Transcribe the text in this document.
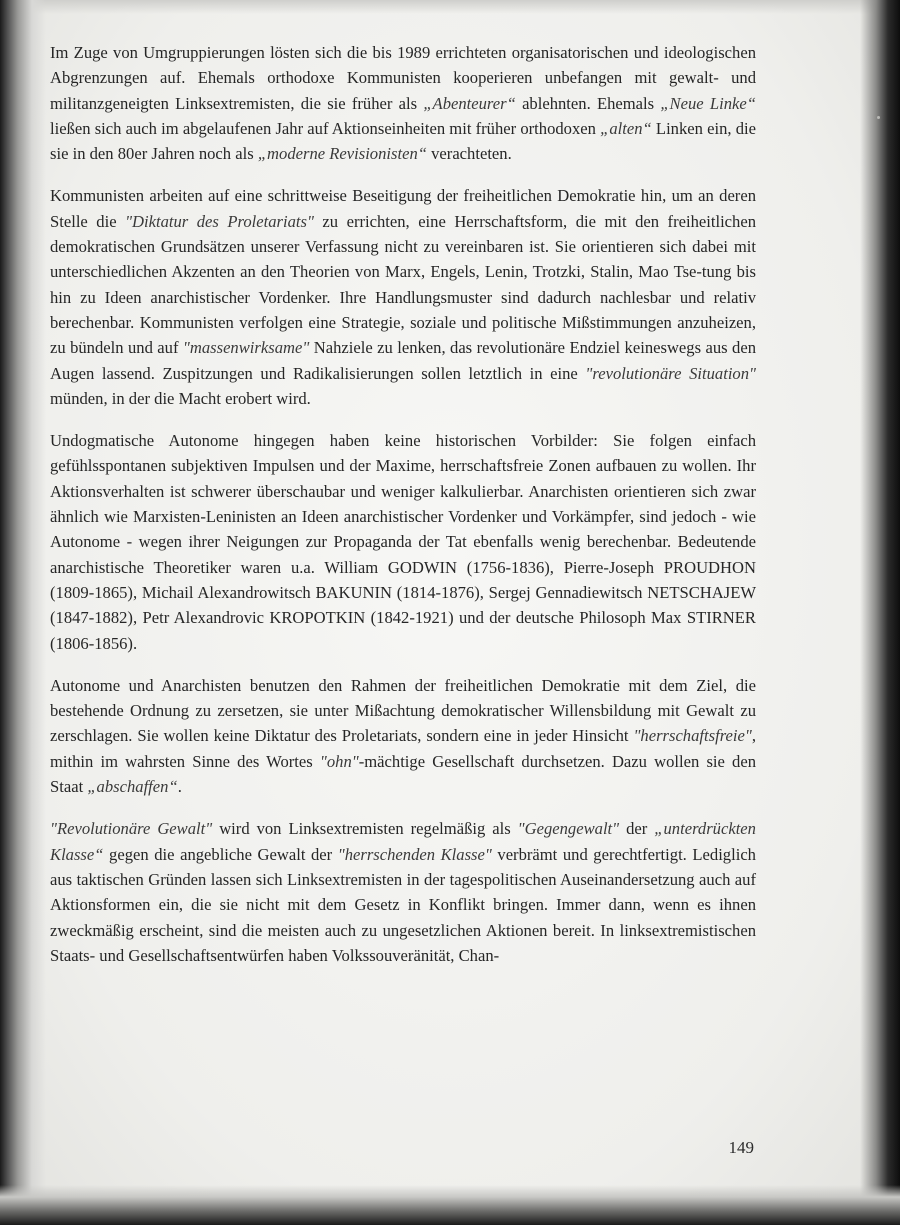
Im Zuge von Umgruppierungen lösten sich die bis 1989 errichteten organisatorischen und ideologischen Abgrenzungen auf. Ehemals orthodoxe Kommunisten kooperieren unbefangen mit gewalt- und militanzgeneigten Linksextremisten, die sie früher als „Abenteurer“ ablehnten. Ehemals „Neue Linke“ ließen sich auch im abgelaufenen Jahr auf Aktionseinheiten mit früher orthodoxen „alten“ Linken ein, die sie in den 80er Jahren noch als „moderne Revisionisten“ verachteten.

Kommunisten arbeiten auf eine schrittweise Beseitigung der freiheitlichen Demokratie hin, um an deren Stelle die "Diktatur des Proletariats" zu errichten, eine Herrschaftsform, die mit den freiheitlichen demokratischen Grundsätzen unserer Verfassung nicht zu vereinbaren ist. Sie orientieren sich dabei mit unterschiedlichen Akzenten an den Theorien von Marx, Engels, Lenin, Trotzki, Stalin, Mao Tse-tung bis hin zu Ideen anarchistischer Vordenker. Ihre Handlungsmuster sind dadurch nachlesbar und relativ berechenbar. Kommunisten verfolgen eine Strategie, soziale und politische Mißstimmungen anzuheizen, zu bündeln und auf "massenwirksame" Nahziele zu lenken, das revolutionäre Endziel keineswegs aus den Augen lassend. Zuspitzungen und Radikalisierungen sollen letztlich in eine "revolutionäre Situation" münden, in der die Macht erobert wird.

Undogmatische Autonome hingegen haben keine historischen Vorbilder: Sie folgen einfach gefühlsspontanen subjektiven Impulsen und der Maxime, herrschaftsfreie Zonen aufbauen zu wollen. Ihr Aktionsverhalten ist schwerer überschaubar und weniger kalkulierbar. Anarchisten orientieren sich zwar ähnlich wie Marxisten-Leninisten an Ideen anarchistischer Vordenker und Vorkämpfer, sind jedoch - wie Autonome - wegen ihrer Neigungen zur Propaganda der Tat ebenfalls wenig berechenbar. Bedeutende anarchistische Theoretiker waren u.a. William GODWIN (1756-1836), Pierre-Joseph PROUDHON (1809-1865), Michail Alexandrowitsch BAKUNIN (1814-1876), Sergej Gennadiewitsch NETSCHAJEW (1847-1882), Petr Alexandrovic KROPOTKIN (1842-1921) und der deutsche Philosoph Max STIRNER (1806-1856).

Autonome und Anarchisten benutzen den Rahmen der freiheitlichen Demokratie mit dem Ziel, die bestehende Ordnung zu zersetzen, sie unter Mißachtung demokratischer Willensbildung mit Gewalt zu zerschlagen. Sie wollen keine Diktatur des Proletariats, sondern eine in jeder Hinsicht "herrschaftsfreie", mithin im wahrsten Sinne des Wortes "ohn"-mächtige Gesellschaft durchsetzen. Dazu wollen sie den Staat „abschaffen“.

"Revolutionäre Gewalt" wird von Linksextremisten regelmäßig als "Gegengewalt" der „unterdrückten Klasse“ gegen die angebliche Gewalt der "herrschenden Klasse" verbrämt und gerechtfertigt. Lediglich aus taktischen Gründen lassen sich Linksextremisten in der tagespolitischen Auseinandersetzung auch auf Aktionsformen ein, die sie nicht mit dem Gesetz in Konflikt bringen. Immer dann, wenn es ihnen zweckmäßig erscheint, sind die meisten auch zu ungesetzlichen Aktionen bereit. In linksextremistischen Staats- und Gesellschaftsentwürfen haben Volkssouveränität, Chan-

149
